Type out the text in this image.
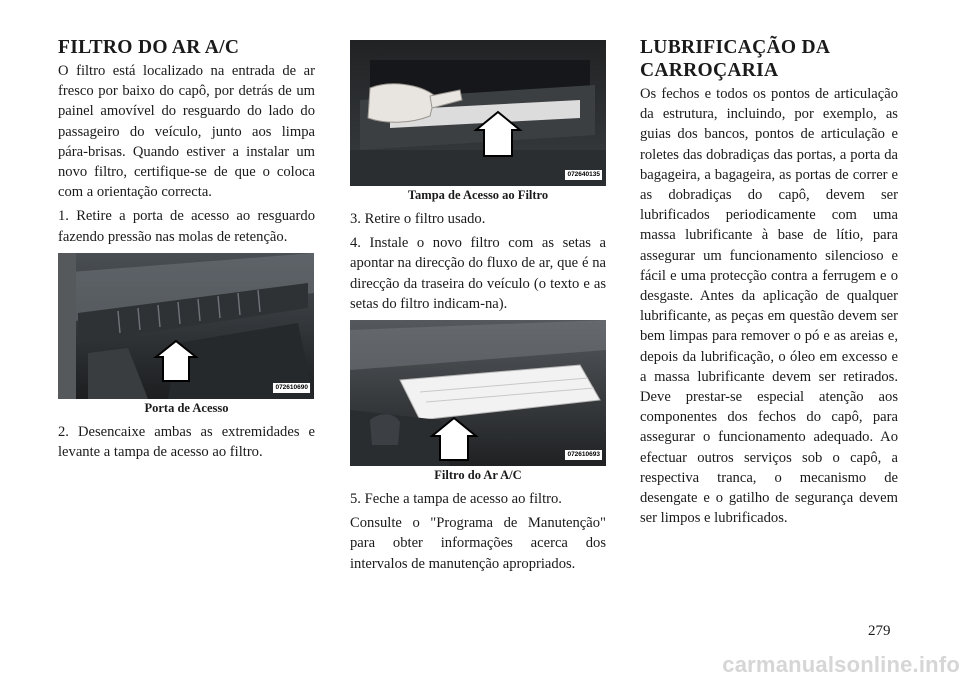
FILTRO DO AR A/C

O filtro está localizado na entrada de ar fresco por baixo do capô, por detrás de um painel amovível do resguardo do lado do passageiro do veículo, junto aos limpa pára-brisas. Quando estiver a instalar um novo filtro, certifique-se de que o coloca com a orientação correcta.

1. Retire a porta de acesso ao resguardo fazendo pressão nas molas de retenção.

072610690
Porta de Acesso

2. Desencaixe ambas as extremidades e levante a tampa de acesso ao filtro.

072640135
Tampa de Acesso ao Filtro

3. Retire o filtro usado.

4. Instale o novo filtro com as setas a apontar na direcção do fluxo de ar, que é na direcção da traseira do veículo (o texto e as setas do filtro indicam-na).

072610693
Filtro do Ar A/C

5. Feche a tampa de acesso ao filtro.

Consulte o "Programa de Manutenção" para obter informações acerca dos intervalos de manutenção apropriados.

LUBRIFICAÇÃO DA CARROÇARIA

Os fechos e todos os pontos de articulação da estrutura, incluindo, por exemplo, as guias dos bancos, pontos de articulação e roletes das dobradiças das portas, a porta da bagageira, a bagageira, as portas de correr e as dobradiças do capô, devem ser lubrificados periodicamente com uma massa lubrificante à base de lítio, para assegurar um funcionamento silencioso e fácil e uma protecção contra a ferrugem e o desgaste. Antes da aplicação de qualquer lubrificante, as peças em questão devem ser bem limpas para remover o pó e as areias e, depois da lubrificação, o óleo em excesso e a massa lubrificante devem ser retirados. Deve prestar-se especial atenção aos componentes dos fechos do capô, para assegurar o funcionamento adequado. Ao efectuar outros serviços sob o capô, a respectiva tranca, o mecanismo de desengate e o gatilho de segurança devem ser limpos e lubrificados.

279
carmanualsonline.info
